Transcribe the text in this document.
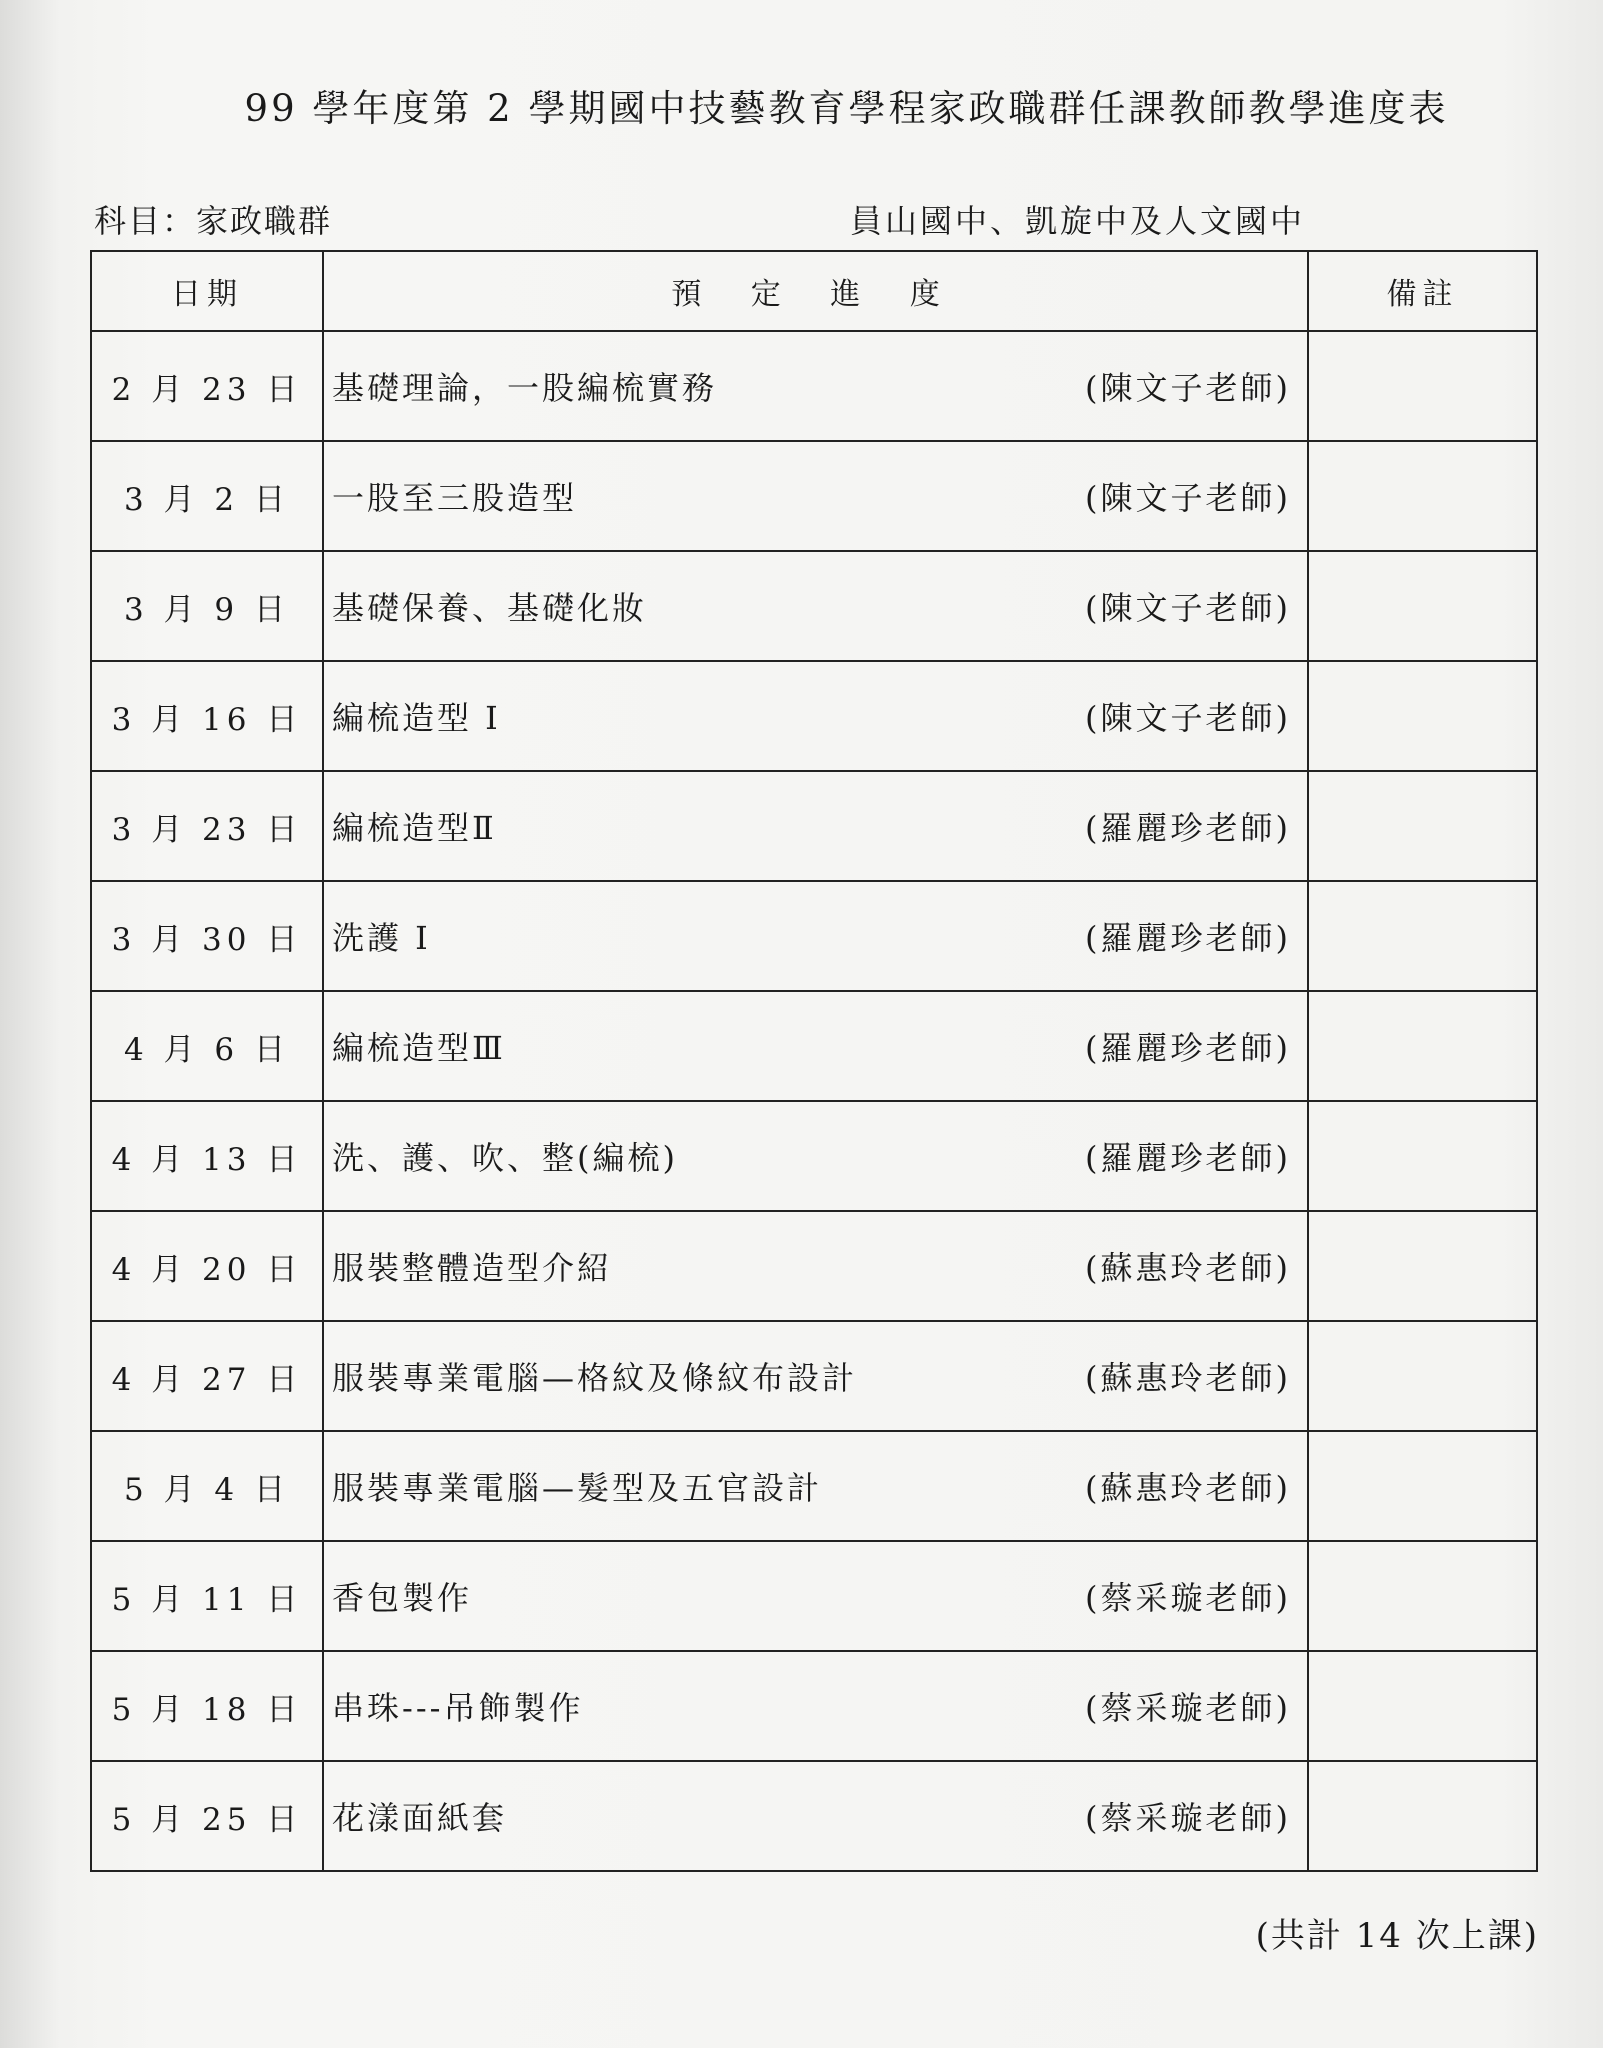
99 學年度第 2 學期國中技藝教育學程家政職群任課教師教學進度表
科目：家政職群	員山國中、凱旋中及人文國中
日期	預 定 進 度	備註
2 月 23 日	基礎理論，一股編梳實務 (陳文子老師)	

3 月 2 日	一股至三股造型 (陳文子老師)	

3 月 9 日	基礎保養、基礎化妝 (陳文子老師)	

3 月 16 日	編梳造型 I (陳文子老師)	

3 月 23 日	編梳造型Ⅱ (羅麗珍老師)	

3 月 30 日	洗護 I (羅麗珍老師)	

4 月 6 日	編梳造型Ⅲ (羅麗珍老師)	

4 月 13 日	洗、護、吹、整(編梳) (羅麗珍老師)	

4 月 20 日	服裝整體造型介紹 (蘇惠玲老師)	

4 月 27 日	服裝專業電腦—格紋及條紋布設計 (蘇惠玲老師)	

5 月 4 日	服裝專業電腦—髮型及五官設計 (蘇惠玲老師)	

5 月 11 日	香包製作 (蔡采璇老師)	

5 月 18 日	串珠---吊飾製作 (蔡采璇老師)	

5 月 25 日	花漾面紙套 (蔡采璇老師)	

(共計 14 次上課)
